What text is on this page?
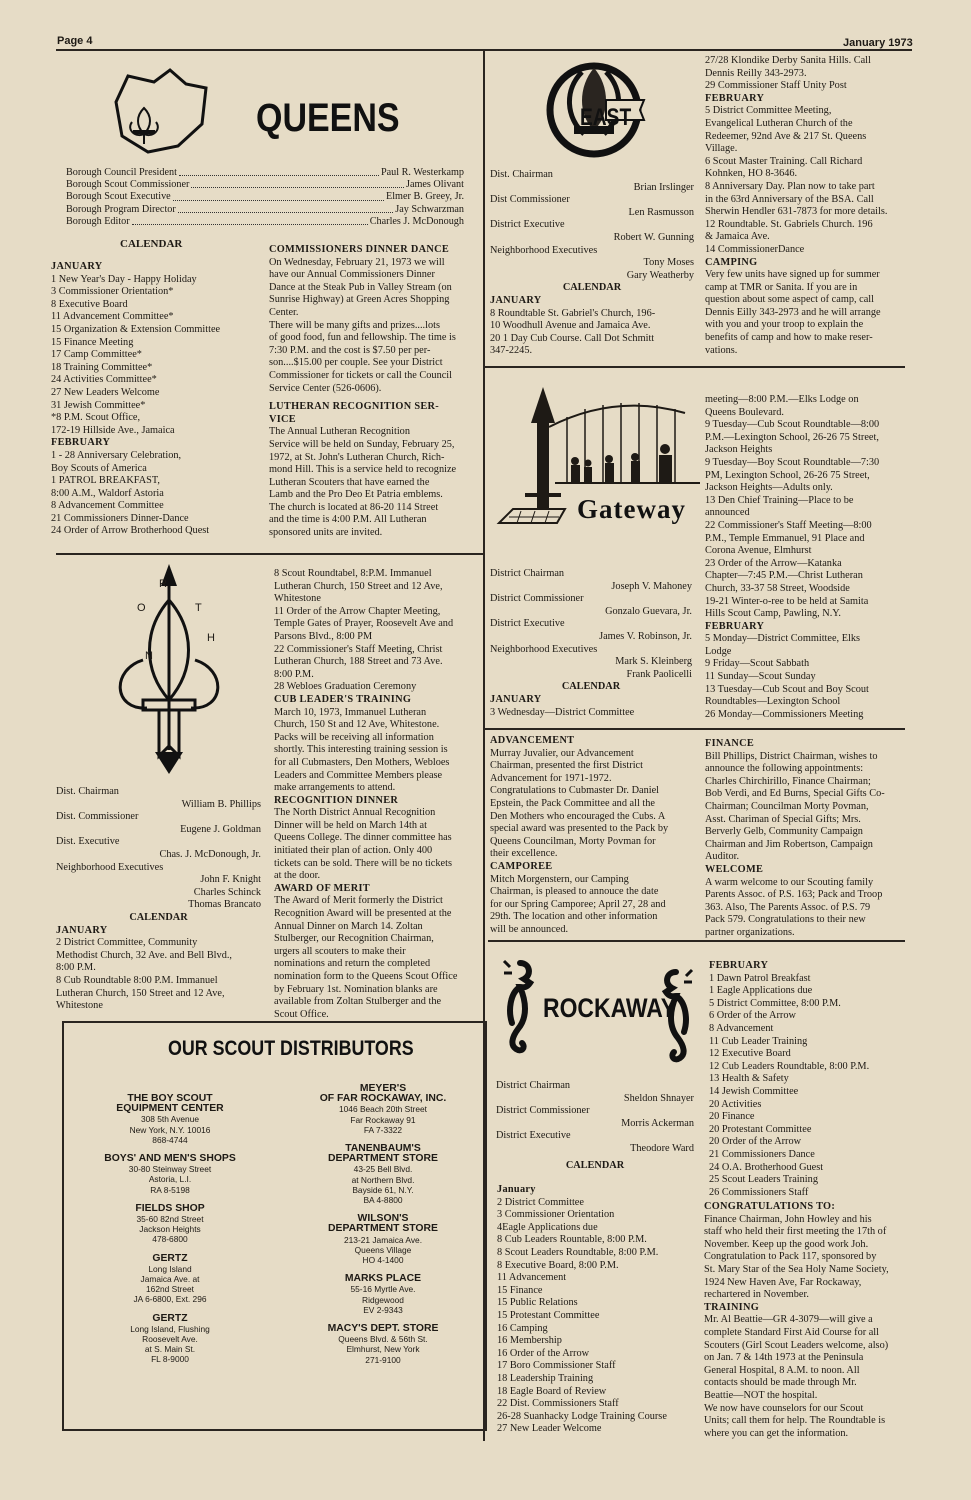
Page 4	January 1973
QUEENS
Borough Council President	Paul R. Westerkamp
Borough Scout Commissioner	James Olivant
Borough Scout Executive	Elmer B. Greey, Jr.
Borough Program Director	Jay Schwarzman
Borough Editor	Charles J. McDonough
CALENDAR

JANUARY

1 New Year's Day - Happy Holiday

3 Commissioner Orientation*

8 Executive Board

11 Advancement Committee*

15 Organization & Extension Committee

15 Finance Meeting

17 Camp Committee*

18 Training Committee*

24 Activities Committee*

27 New Leaders Welcome

31 Jewish Committee*

*8 P.M. Scout Office,

172-19 Hillside Ave., Jamaica

FEBRUARY

1 - 28 Anniversary Celebration,

Boy Scouts of America

1 PATROL BREAKFAST,

8:00 A.M., Waldorf Astoria

8 Advancement Committee

21 Commissioners Dinner-Dance

24 Order of Arrow Brotherhood Quest

COMMISSIONERS DINNER DANCE

On Wednesday, February 21, 1973 we will

have our Annual Commissioners Dinner

Dance at the Steak Pub in Valley Stream (on

Sunrise Highway) at Green Acres Shopping

Center.

There will be many gifts and prizes....lots

of good food, fun and fellowship. The time is

7:30 P.M. and the cost is $7.50 per per-

son....$15.00 per couple. See your District

Commissioner for tickets or call the Council

Service Center (526-0606).

LUTHERAN RECOGNITION SER-

VICE

The Annual Lutheran Recognition

Service will be held on Sunday, February 25,

1972, at St. John's Lutheran Church, Rich-

mond Hill. This is a service held to recognize

Lutheran Scouters that have earned the

Lamb and the Pro Deo Et Patria emblems.

The church is located at 86-20 114 Street

and the time is 4:00 P.M. All Lutheran

sponsored units are invited.

N
O
R
T
H

Dist. Chairman

William B. Phillips

Dist. Commissioner

Eugene J. Goldman

Dist. Executive

Chas. J. McDonough, Jr.

Neighborhood Executives

John F. Knight

Charles Schinck

Thomas Brancato

CALENDAR

JANUARY

2 District Committee, Community

Methodist Church, 32 Ave. and Bell Blvd.,

8:00 P.M.

8 Cub Roundtable 8:00 P.M. Immanuel

Lutheran Church, 150 Street and 12 Ave,

Whitestone

8 Scout Roundtabel, 8:P.M. Immanuel

Lutheran Church, 150 Street and 12 Ave,

Whitestone

11 Order of the Arrow Chapter Meeting,

Temple Gates of Prayer, Roosevelt Ave and

Parsons Blvd., 8:00 PM

22 Commissioner's Staff Meeting, Christ

Lutheran Church, 188 Street and 73 Ave.

8:00 P.M.

28 Webloes Graduation Ceremony

CUB LEADER'S TRAINING

March 10, 1973, Immanuel Lutheran

Church, 150 St and 12 Ave, Whitestone.

Packs will be receiving all information

shortly. This interesting training session is

for all Cubmasters, Den Mothers, Webloes

Leaders and Committee Members please

make arrangements to attend.

RECOGNITION DINNER

The North District Annual Recognition

Dinner will be held on March 14th at

Queens College. The dinner committee has

initiated their plan of action. Only 400

tickets can be sold. There will be no tickets

at the door.

AWARD OF MERIT

The Award of Merit formerly the District

Recognition Award will be presented at the

Annual Dinner on March 14. Zoltan

Stulberger, our Recognition Chairman,

urgers all scouters to make their

nominations and return the completed

nomination form to the Queens Scout Office

by February 1st. Nomination blanks are

available from Zoltan Stulberger and the

Scout Office.

OUR SCOUT DISTRIBUTORS
THE BOY SCOUT
EQUIPMENT CENTER
308 5th Avenue
New York, N.Y. 10016
868-4744
BOYS' AND MEN'S SHOPS
30-80 Steinway Street
Astoria, L.I.
RA 8-5198
FIELDS SHOP
35-60 82nd Street
Jackson Heights
478-6800
GERTZ
Long Island
Jamaica Ave. at
162nd Street
JA 6-6800, Ext. 296
GERTZ
Long Island, Flushing
Roosevelt Ave.
at S. Main St.
FL 8-9000
MEYER'S
OF FAR ROCKAWAY, INC.
1046 Beach 20th Street
Far Rockaway 91
FA 7-3322
TANENBAUM'S
DEPARTMENT STORE
43-25 Bell Blvd.
at Northern Blvd.
Bayside 61, N.Y.
BA 4-8800
WILSON'S
DEPARTMENT STORE
213-21 Jamaica Ave.
Queens Village
HO 4-1400
MARKS PLACE
55-16 Myrtle Ave.
Ridgewood
EV 2-9343
MACY'S DEPT. STORE
Queens Blvd. & 56th St.
Elmhurst, New York
271-9100
EAST

Dist. Chairman

Brian Irslinger

Dist Commissioner

Len Rasmusson

District Executive

Robert W. Gunning

Neighborhood Executives

Tony Moses

Gary Weatherby

CALENDAR

JANUARY

8 Roundtable St. Gabriel's Church, 196-

10 Woodhull Avenue and Jamaica Ave.

20 1 Day Cub Course. Call Dot Schmitt

347-2245.

27/28 Klondike Derby Sanita Hills. Call

Dennis Reilly 343-2973.

29 Commissioner Staff Unity Post

FEBRUARY

5 District Committee Meeting,

Evangelical Lutheran Church of the

Redeemer, 92nd Ave & 217 St. Queens

Village.

6 Scout Master Training. Call Richard

Kohnken, HO 8-3646.

8 Anniversary Day. Plan now to take part

in the 63rd Anniversary of the BSA. Call

Sherwin Hendler 631-7873 for more details.

12 Roundtable. St. Gabriels Church. 196

& Jamaica Ave.

14 CommissionerDance

CAMPING

Very few units have signed up for summer

camp at TMR or Sanita. If you are in

question about some aspect of camp, call

Dennis Eilly 343-2973 and he will arrange

with you and your troop to explain the

benefits of camp and how to make reser-

vations.

Gateway

District Chairman

Joseph V. Mahoney

District Commissioner

Gonzalo Guevara, Jr.

District Executive

James V. Robinson, Jr.

Neighborhood Executives

Mark S. Kleinberg

Frank Paolicelli

CALENDAR

JANUARY

3 Wednesday—District Committee

meeting—8:00 P.M.—Elks Lodge on

Queens Boulevard.

9 Tuesday—Cub Scout Roundtable—8:00

P.M.—Lexington School, 26-26 75 Street,

Jackson Heights

9 Tuesday—Boy Scout Roundtable—7:30

PM, Lexington School, 26-26 75 Street,

Jackson Heights—Adults only.

13 Den Chief Training—Place to be

announced

22 Commissioner's Staff Meeting—8:00

P.M., Temple Emmanuel, 91 Place and

Corona Avenue, Elmhurst

23 Order of the Arrow—Katanka

Chapter—7:45 P.M.—Christ Lutheran

Church, 33-37 58 Street, Woodside

19-21 Winter-o-ree to be held at Samita

Hills Scout Camp, Pawling, N.Y.

FEBRUARY

5 Monday—District Committee, Elks

Lodge

9 Friday—Scout Sabbath

11 Sunday—Scout Sunday

13 Tuesday—Cub Scout and Boy Scout

Roundtables—Lexington School

26 Monday—Commissioners Meeting

ADVANCEMENT

Murray Juvalier, our Advancement

Chairman, presented the first District

Advancement for 1971-1972.

Congratulations to Cubmaster Dr. Daniel

Epstein, the Pack Committee and all the

Den Mothers who encouraged the Cubs. A

special award was presented to the Pack by

Queens Councilman, Morty Povman for

their excellence.

CAMPOREE

Mitch Morgenstern, our Camping

Chairman, is pleased to annouce the date

for our Spring Camporee; April 27, 28 and

29th. The location and other information

will be announced.

FINANCE

Bill Phillips, District Chairman, wishes to

announce the following appointments:

Charles Chirchirillo, Finance Chairman;

Bob Verdi, and Ed Burns, Special Gifts Co-

Chairman; Councilman Morty Povman,

Asst. Chariman of Special Gifts; Mrs.

Berverly Gelb, Community Campaign

Chairman and Jim Robertson, Campaign

Auditor.

WELCOME

A warm welcome to our Scouting family

Parents Assoc. of P.S. 163; Pack and Troop

363. Also, The Parents Assoc. of P.S. 79

Pack 579. Congratulations to their new

partner organizations.

ROCKAWAY

District Chairman

Sheldon Shnayer

District Commissioner

Morris Ackerman

District Executive

Theodore Ward

CALENDAR

January

2 District Committee

3 Commissioner Orientation

4Eagle Applications due

8 Cub Leaders Rountable, 8:00 P.M.

8 Scout Leaders Roundtable, 8:00 P.M.

8 Executive Board, 8:00 P.M.

11 Advancement

15 Finance

15 Public Relations

15 Protestant Committee

16 Camping

16 Membership

16 Order of the Arrow

17 Boro Commissioner Staff

18 Leadership Training

18 Eagle Board of Review

22 Dist. Commissioners Staff

26-28 Suanhacky Lodge Training Course

27 New Leader Welcome

FEBRUARY

1 Dawn Patrol Breakfast

1 Eagle Applications due

5 District Committee, 8:00 P.M.

6 Order of the Arrow

8 Advancement

11 Cub Leader Training

12 Executive Board

12 Cub Leaders Roundtable, 8:00 P.M.

13 Health & Safety

14 Jewish Committee

20 Activities

20 Finance

20 Protestant Committee

20 Order of the Arrow

21 Commissioners Dance

24 O.A. Brotherhood Guest

25 Scout Leaders Training

26 Commissioners Staff

CONGRATULATIONS TO:

Finance Chairman, John Howley and his

staff who held their first meeting the 17th of

November. Keep up the good work Joh.

Congratulation to Pack 117, sponsored by

St. Mary Star of the Sea Holy Name Society,

1924 New Haven Ave, Far Rockaway,

rechartered in November.

TRAINING

Mr. Al Beattie—GR 4-3079—will give a

complete Standard First Aid Course for all

Scouters (Girl Scout Leaders welcome, also)

on Jan. 7 & 14th 1973 at the Peninsula

General Hospital, 8 A.M. to noon. All

contacts should be made through Mr.

Beattie—NOT the hospital.

We now have counselors for our Scout

Units; call them for help. The Roundtable is

where you can get the information.
